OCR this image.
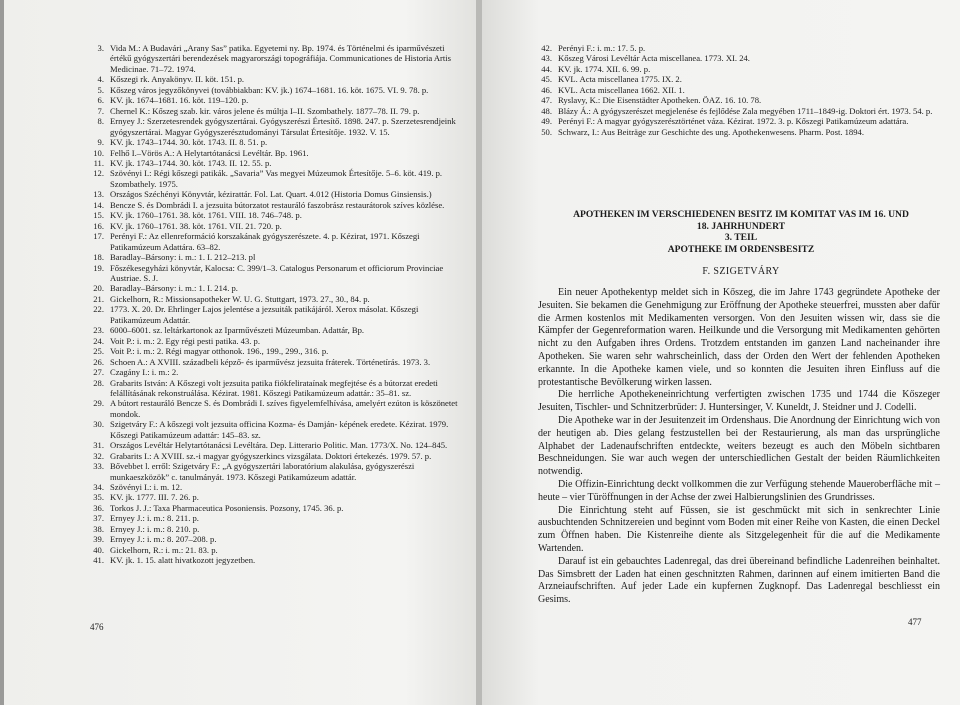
3. Vida M.: A Budavári „Arany Sas” patika. Egyetemi ny. Bp. 1974. és Történelmi és iparművészeti értékű gyógyszertári berendezések magyarországi topográfiája. Communicationes de Historia Artis Medicinae. 71–72. 1974.
4. Kőszegi rk. Anyakönyv. II. köt. 151. p.
5. Kőszeg város jegyzőkönyvei (továbbiakban: KV. jk.) 1674–1681. 16. köt. 1675. VI. 9. 78. p.
6. KV. jk. 1674–1681. 16. köt. 119–120. p.
7. Chernel K.: Kőszeg szab. kir. város jelene és múltja I–II. Szombathely. 1877–78. II. 79. p.
8. Ernyey J.: Szerzetesrendek gyógyszertárai. Gyógyszerészi Értesítő. 1898. 247. p. Szerzetesrendjeink gyógyszertárai. Magyar Gyógyszerésztudományi Társulat Értesítője. 1932. V. 15.
9. KV. jk. 1743–1744. 30. köt. 1743. II. 8. 51. p.
10. Felhő I.–Vörös A.: A Helytartótanácsi Levéltár. Bp. 1961.
11. KV. jk. 1743–1744. 30. köt. 1743. II. 12. 55. p.
12. Szövényi I.: Régi kőszegi patikák. „Savaria” Vas megyei Múzeumok Értesítője. 5–6. köt. 419. p. Szombathely. 1975.
13. Országos Széchényi Könyvtár, kézirattár. Fol. Lat. Quart. 4.012 (Historia Domus Ginsiensis.)
14. Bencze S. és Dombrádi I. a jezsuita bútorzatot restauráló faszobrász restaurátorok szíves közlése.
15. KV. jk. 1760–1761. 38. köt. 1761. VIII. 18. 746–748. p.
16. KV. jk. 1760–1761. 38. köt. 1761. VII. 21. 720. p.
17. Perényi F.: Az ellenreformáció korszakának gyógyszerészete. 4. p. Kézirat, 1971. Kőszegi Patikamúzeum Adattára. 63–82.
18. Baradlay–Bársony: i. m.: 1. I. 212–213. pl
19. Főszékesegyházi könyvtár, Kalocsa: C. 399/1–3. Catalogus Personarum et officiorum Provinciae Austriae. S. J.
20. Baradlay–Bársony: i. m.: 1. I. 214. p.
21. Gickelhorn, R.: Missionsapotheker W. U. G. Stuttgart, 1973. 27., 30., 84. p.
22. 1773. X. 20. Dr. Ehrlinger Lajos jelentése a jezsuiták patikájáról. Xerox másolat. Kőszegi Patikamúzeum Adattár.
23. 6000–6001. sz. leltárkartonok az Iparművészeti Múzeumban. Adattár, Bp.
24. Voit P.: i. m.: 2. Egy régi pesti patika. 43. p.
25. Voit P.: i. m.: 2. Régi magyar otthonok. 196., 199., 299., 316. p.
26. Schoen A.: A XVIII. századbeli képző- és iparművész jezsuita fráterek. Történetírás. 1973. 3.
27. Czagány I.: i. m.: 2.
28. Grabarits István: A Kőszegi volt jezsuita patika fiókfelirataínak megfejtése és a bútorzat eredeti felállításának rekonstruálása. Kézirat. 1981. Kőszegi Patikamúzeum adattár.: 35–81. sz.
29. A bútort restauráló Bencze S. és Dombrádi I. szíves figyelemfelhívása, amelyért ezúton is köszönetet mondok.
30. Szigetváry F.: A kőszegi volt jezsuita officina Kozma- és Damján- képének eredete. Kézirat. 1979. Kőszegi Patikamúzeum adattár: 145–83. sz.
31. Országos Levéltár Helytartótanácsi Levéltára. Dep. Litterario Politic. Man. 1773/X. No. 124–845.
32. Grabarits I.: A XVIII. sz.-i magyar gyógyszerkincs vizsgálata. Doktori értekezés. 1979. 57. p.
33. Bővebbet l. erről: Szigetváry F.: „A gyógyszertári laboratórium alakulása, gyógyszerészi munkaeszközök” c. tanulmányát. 1973. Kőszegi Patikamúzeum adattár.
34. Szövényi I.: i. m. 12.
35. KV. jk. 1777. III. 7. 26. p.
36. Torkos J. J.: Taxa Pharmaceutica Posoniensis. Pozsony, 1745. 36. p.
37. Ernyey J.: i. m.: 8. 211. p.
38. Ernyey J.: i. m.: 8. 210. p.
39. Ernyey J.: i. m.: 8. 207–208. p.
40. Gickelhorn, R.: i. m.: 21. 83. p.
41. KV. jk. 1. 15. alatt hivatkozott jegyzetben.
476
42. Perényi F.: i. m.: 17. 5. p.
43. Kőszeg Városi Levéltár Acta miscellanea. 1773. XI. 24.
44. KV. jk. 1774. XII. 6. 99. p.
45. KVL. Acta miscellanea 1775. IX. 2.
46. KVL. Acta miscellanea 1662. XII. 1.
47. Ryslavy, K.: Die Eisenstädter Apotheken. ÖAZ. 16. 10. 78.
48. Blázy Á.: A gyógyszerészet megjelenése és fejlődése Zala megyében 1711–1849-ig. Doktori ért. 1973. 54. p.
49. Perényi F.: A magyar gyógyszerésztörténet váza. Kézirat. 1972. 3. p. Kőszegi Patikamúzeum adattára.
50. Schwarz, I.: Aus Beiträge zur Geschichte des ung. Apothekenwesens. Pharm. Post. 1894.
APOTHEKEN IM VERSCHIEDENEN BESITZ IM KOMITAT VAS IM 16. UND
18. JAHRHUNDERT
3. TEIL
APOTHEKE IM ORDENSBESITZ
F. SZIGETVÁRY

Ein neuer Apothekentyp meldet sich in Kőszeg, die im Jahre 1743 gegründete Apotheke der Jesuiten. Sie bekamen die Genehmigung zur Eröffnung der Apotheke steuerfrei, mussten aber dafür die Armen kostenlos mit Medikamenten versorgen. Von den Jesuiten wissen wir, dass sie die Kämpfer der Gegenreformation waren. Heilkunde und die Versorgung mit Medikamenten gehörten nicht zu den Aufgaben ihres Ordens. Trotzdem entstanden im ganzen Land nacheinander ihre Apotheken. Sie waren sehr wahrscheinlich, dass der Orden den Wert der fehlenden Apotheken erkannte. In die Apotheke kamen viele, und so konnten die Jesuiten ihren Einfluss auf die protestantische Bevölkerung wirken lassen.

Die herrliche Apothekeneinrichtung verfertigten zwischen 1735 und 1744 die Kőszeger Jesuiten, Tischler- und Schnitzerbrüder: J. Huntersinger, V. Kuneldt, J. Steidner und J. Codelli.

Die Apotheke war in der Jesuitenzeit im Ordenshaus. Die Anordnung der Einrichtung wich von der heutigen ab. Dies gelang festzustellen bei der Restaurierung, als man das ursprüngliche Alphabet der Ladenaufschriften entdeckte, weiters bezeugt es auch den Möbeln sichtbaren Beschneidungen. Sie war auch wegen der unterschiedlichen Gestalt der beiden Räumlichkeiten notwendig.

Die Offizin-Einrichtung deckt vollkommen die zur Verfügung stehende Maueroberfläche mit – heute – vier Türöffnungen in der Achse der zwei Halbierungslinien des Grundrisses.

Die Einrichtung steht auf Füssen, sie ist geschmückt mit sich in senkrechter Linie ausbuchtenden Schnitzereien und beginnt vom Boden mit einer Reihe von Kasten, die einen Deckel zum Öffnen haben. Die Kistenreihe diente als Sitzgelegenheit für die auf die Medikamente Wartenden.

Darauf ist ein gebauchtes Ladenregal, das drei übereinand befindliche Ladenreihen beinhaltet. Das Simsbrett der Laden hat einen geschnitzten Rahmen, darinnen auf einem imitierten Band die Arzneiaufschriften. Auf jeder Lade ein kupfernen Zugknopf. Das Ladenregal beschliesst ein Gesims.

477
